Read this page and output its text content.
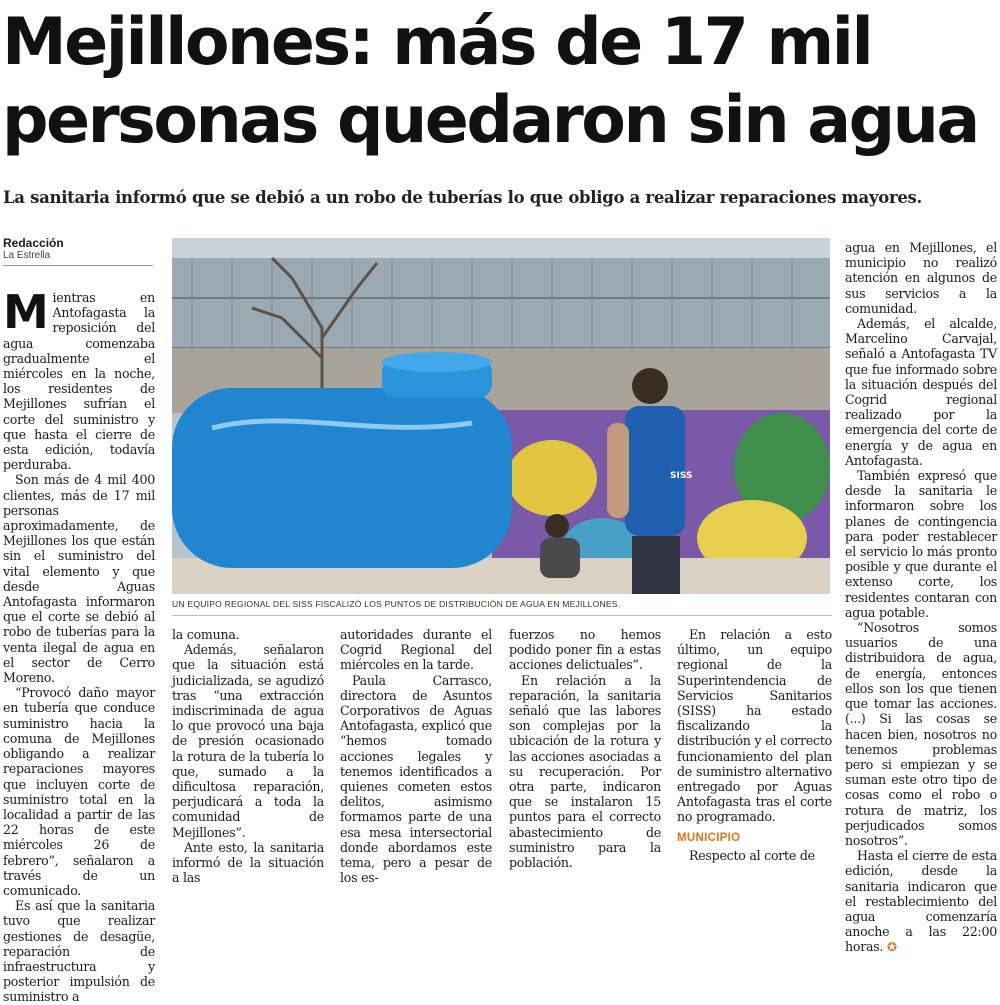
Mejillones: más de 17 mil
personas quedaron sin agua
La sanitaria informó que se debió a un robo de tuberías lo que obligo a realizar reparaciones mayores.
Redacción
La Estrella

Mientras en Antofagasta la reposición del agua comenzaba gradualmente el miércoles en la noche, los residentes de Mejillones sufrían el corte del suministro y que hasta el cierre de esta edición, todavía perduraba.

Son más de 4 mil 400 clientes, más de 17 mil personas aproximadamente, de Mejillones los que están sin el suministro del vital elemento y que desde Aguas Antofagasta informaron que el corte se debió al robo de tuberías para la venta ilegal de agua en el sector de Cerro Moreno.

“Provocó daño mayor en tubería que conduce suministro hacia la comuna de Mejillones obligando a realizar reparaciones mayores que incluyen corte de suministro total en la localidad a partir de las 22 horas de este miércoles 26 de febrero”, señalaron a través de un comunicado.

Es así que la sanitaria tuvo que realizar gestiones de desagüe, reparación de infraestructura y posterior impulsión de suministro a

SISS
UN EQUIPO REGIONAL DEL SISS FISCALIZÓ LOS PUNTOS DE DISTRIBUCIÓN DE AGUA EN MEJILLONES.

la comuna.

Además, señalaron que la situación está judicializada, se agudizó tras “una extracción indiscriminada de agua lo que provocó una baja de presión ocasionado la rotura de la tubería lo que, sumado a la dificultosa reparación, perjudicará a toda la comunidad de Mejillones”.

Ante esto, la sanitaria informó de la situación a las

autoridades durante el Cogrid Regional del miércoles en la tarde.

Paula Carrasco, directora de Asuntos Corporativos de Aguas Antofagasta, explicó que “hemos tomado acciones legales y tenemos identificados a quienes cometen estos delitos, asimismo formamos parte de una esa mesa intersectorial donde abordamos este tema, pero a pesar de los es-

fuerzos no hemos podido poner fin a estas acciones delictuales”.

En relación a la reparación, la sanitaria señaló que las labores son complejas por la ubicación de la rotura y las acciones asociadas a su recuperación. Por otra parte, indicaron que se instalaron 15 puntos para el correcto abastecimiento de suministro para la población.

En relación a esto último, un equipo regional de la Superintendencia de Servicios Sanitarios (SISS) ha estado fiscalizando la distribución y el correcto funcionamiento del plan de suministro alternativo entregado por Aguas Antofagasta tras el corte no programado.

MUNICIPIO

Respecto al corte de

agua en Mejillones, el municipio no realizó atención en algunos de sus servicios a la comunidad.

Además, el alcalde, Marcelino Carvajal, señaló a Antofagasta TV que fue informado sobre la situación después del Cogrid regional realizado por la emergencia del corte de energía y de agua en Antofagasta.

También expresó que desde la sanitaria le informaron sobre los planes de contingencia para poder restablecer el servicio lo más pronto posible y que durante el extenso corte, los residentes contaran con agua potable.

“Nosotros somos usuarios de una distribuidora de agua, de energía, entonces ellos son los que tienen que tomar las acciones. (...) Si las cosas se hacen bien, nosotros no tenemos problemas pero si empiezan y se suman este otro tipo de cosas como el robo o rotura de matriz, los perjudicados somos nosotros”.

Hasta el cierre de esta edición, desde la sanitaria indicaron que el restablecimiento del agua comenzaría anoche a las 22:00 horas. ✪
